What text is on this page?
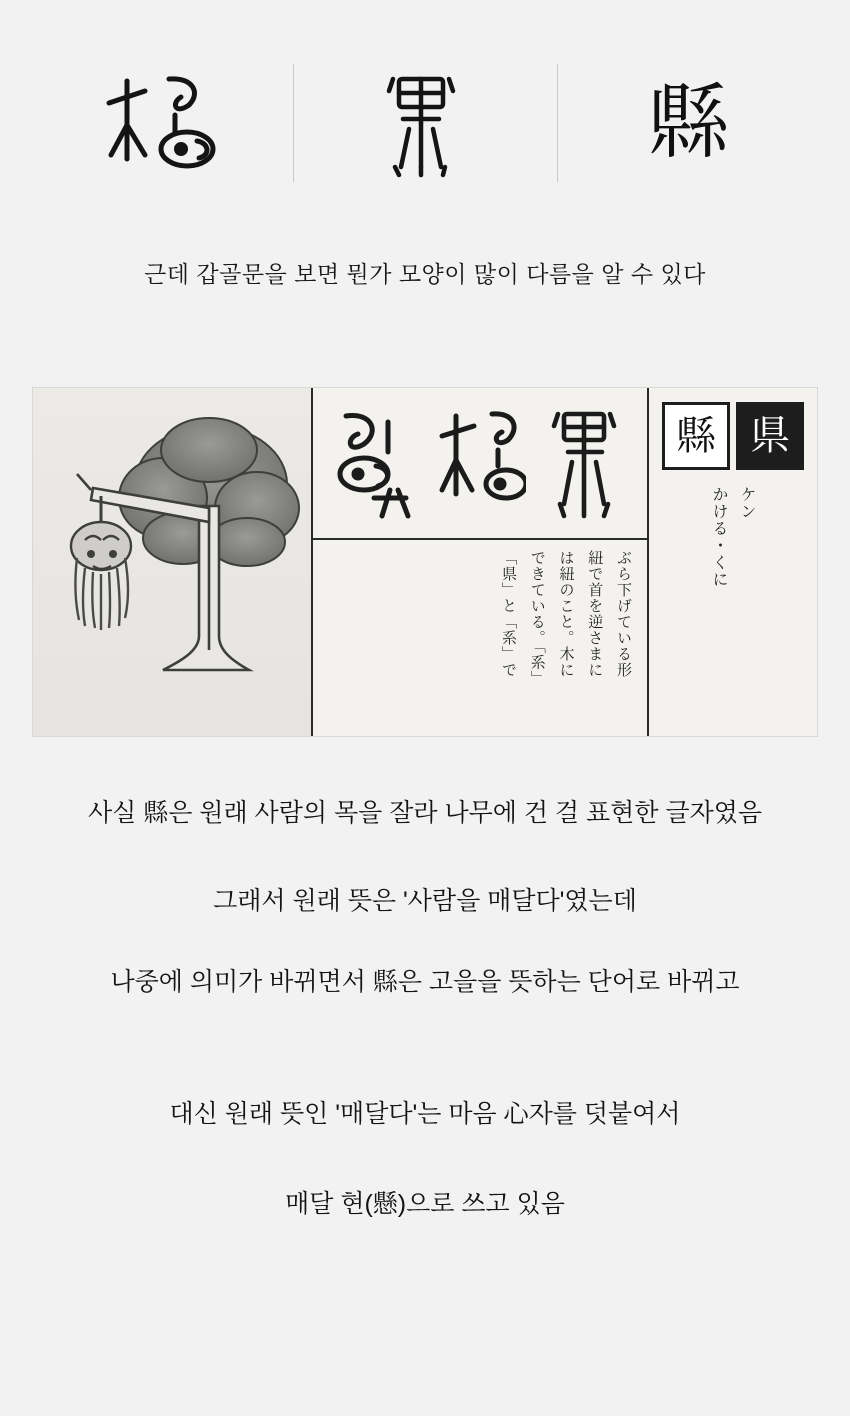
縣
근데 갑골문을 보면 뭔가 모양이 많이 다름을 알 수 있다
ぶら下げている形
紐で首を逆さまに
は紐のこと。木に
できている。「系」
「県」と「系」で
縣 県
ケン
かける・くに
사실 縣은 원래 사람의 목을 잘라 나무에 건 걸 표현한 글자였음
그래서 원래 뜻은 '사람을 매달다'였는데
나중에 의미가 바뀌면서 縣은 고을을 뜻하는 단어로 바뀌고
대신 원래 뜻인 '매달다'는 마음 心자를 덧붙여서
매달 현(懸)으로 쓰고 있음
